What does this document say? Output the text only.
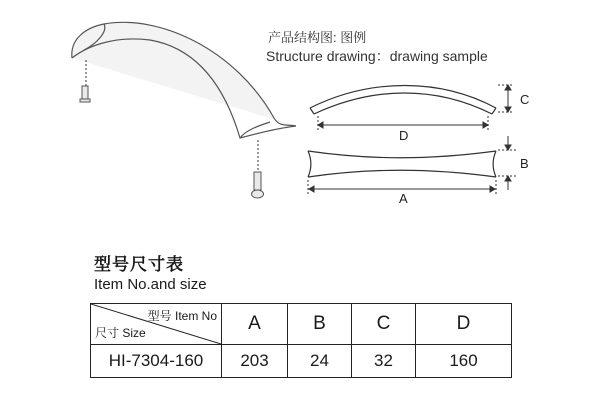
产品结构图: 图例
Structure drawing：drawing sample
C
D
B
A
型号尺寸表
Item No.and size
型号 Item No
尺寸 Size	A	B	C	D
HI-7304-160	203	24	32	160
